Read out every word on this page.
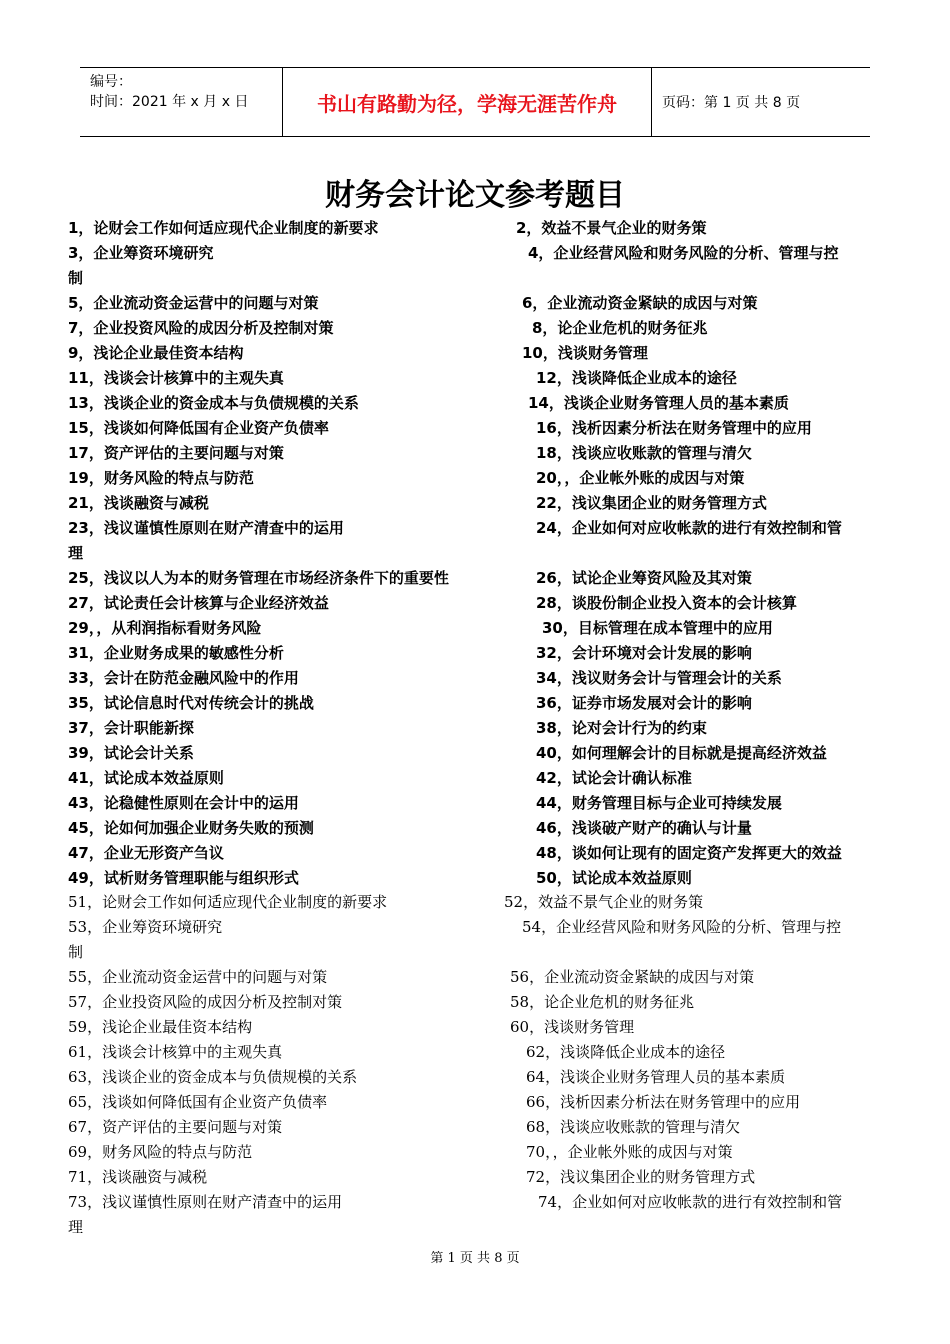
编号：
时间：2021 年 x 月 x 日	书山有路勤为径，学海无涯苦作舟	页码：第 1 页 共 8 页
财务会计论文参考题目
1，论财会工作如何适应现代企业制度的新要求	2，效益不景气企业的财务策
3，企业筹资环境研究	4，企业经营风险和财务风险的分析、管理与控
制
5，企业流动资金运营中的问题与对策	6，企业流动资金紧缺的成因与对策
7，企业投资风险的成因分析及控制对策	8，论企业危机的财务征兆
9，浅论企业最佳资本结构	10，浅谈财务管理
11，浅谈会计核算中的主观失真	12，浅谈降低企业成本的途径
13，浅谈企业的资金成本与负债规模的关系	14，浅谈企业财务管理人员的基本素质
15，浅谈如何降低国有企业资产负债率	16，浅析因素分析法在财务管理中的应用
17，资产评估的主要问题与对策	18，浅谈应收账款的管理与清欠
19，财务风险的特点与防范	20，，企业帐外账的成因与对策
21，浅谈融资与减税	22，浅议集团企业的财务管理方式
23，浅议谨慎性原则在财产清查中的运用	24，企业如何对应收帐款的进行有效控制和管
理
25，浅议以人为本的财务管理在市场经济条件下的重要性	26，试论企业筹资风险及其对策
27，试论责任会计核算与企业经济效益	28，谈股份制企业投入资本的会计核算
29，，从利润指标看财务风险	30，目标管理在成本管理中的应用
31，企业财务成果的敏感性分析	32，会计环境对会计发展的影响
33，会计在防范金融风险中的作用	34，浅议财务会计与管理会计的关系
35，试论信息时代对传统会计的挑战	36，证券市场发展对会计的影响
37，会计职能新探	38，论对会计行为的约束
39，试论会计关系	40，如何理解会计的目标就是提高经济效益
41，试论成本效益原则	42，试论会计确认标准
43，论稳健性原则在会计中的运用	44，财务管理目标与企业可持续发展
45，论如何加强企业财务失败的预测	46，浅谈破产财产的确认与计量
47，企业无形资产刍议	48，谈如何让现有的固定资产发挥更大的效益
49，试析财务管理职能与组织形式	50，试论成本效益原则
51，论财会工作如何适应现代企业制度的新要求	52，效益不景气企业的财务策
53，企业筹资环境研究	54，企业经营风险和财务风险的分析、管理与控
制
55，企业流动资金运营中的问题与对策	56，企业流动资金紧缺的成因与对策
57，企业投资风险的成因分析及控制对策	58，论企业危机的财务征兆
59，浅论企业最佳资本结构	60，浅谈财务管理
61，浅谈会计核算中的主观失真	62，浅谈降低企业成本的途径
63，浅谈企业的资金成本与负债规模的关系	64，浅谈企业财务管理人员的基本素质
65，浅谈如何降低国有企业资产负债率	66，浅析因素分析法在财务管理中的应用
67，资产评估的主要问题与对策	68，浅谈应收账款的管理与清欠
69，财务风险的特点与防范	70，，企业帐外账的成因与对策
71，浅谈融资与减税	72，浅议集团企业的财务管理方式
73，浅议谨慎性原则在财产清查中的运用	74，企业如何对应收帐款的进行有效控制和管
理
第 1 页 共 8 页
